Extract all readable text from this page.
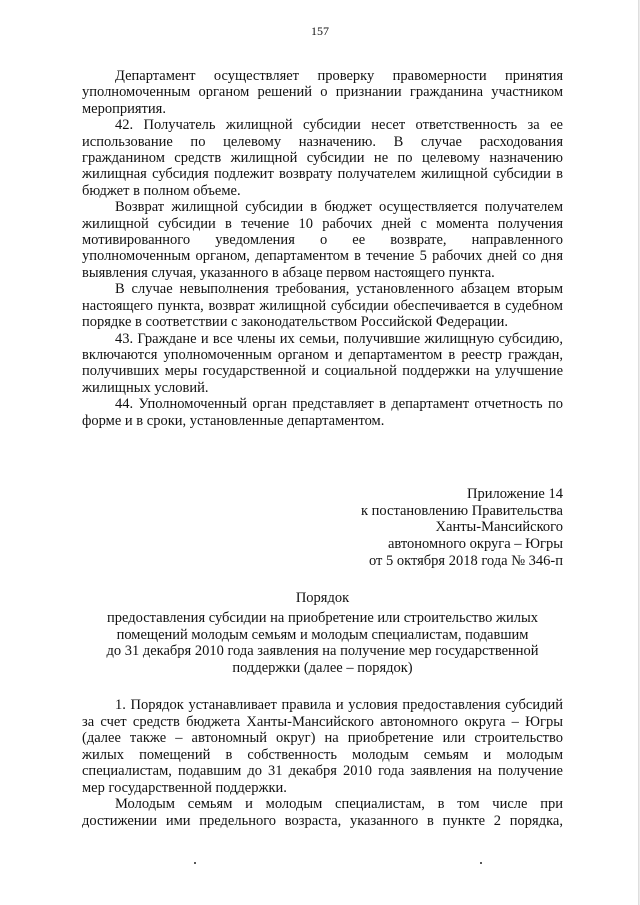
157

Департамент осуществляет проверку правомерности принятия уполномоченным органом решений о признании гражданина участником мероприятия.

42. Получатель жилищной субсидии несет ответственность за ее использование по целевому назначению. В случае расходования гражданином средств жилищной субсидии не по целевому назначению жилищная субсидия подлежит возврату получателем жилищной субсидии в бюджет в полном объеме.

Возврат жилищной субсидии в бюджет осуществляется получателем жилищной субсидии в течение 10 рабочих дней с момента получения мотивированного уведомления о ее возврате, направленного уполномоченным органом, департаментом в течение 5 рабочих дней со дня выявления случая, указанного в абзаце первом настоящего пункта.

В случае невыполнения требования, установленного абзацем вторым настоящего пункта, возврат жилищной субсидии обеспечивается в судебном порядке в соответствии с законодательством Российской Федерации.

43. Граждане и все члены их семьи, получившие жилищную субсидию, включаются уполномоченным органом и департаментом в реестр граждан, получивших меры государственной и социальной поддержки на улучшение жилищных условий.

44. Уполномоченный орган представляет в департамент отчетность по форме и в сроки, установленные департаментом.

Приложение 14
к постановлению Правительства
Ханты-Мансийского
автономного округа – Югры
от 5 октября 2018 года № 346-п
Порядок
предоставления субсидии на приобретение или строительство жилых
помещений молодым семьям и молодым специалистам, подавшим
до 31 декабря 2010 года заявления на получение мер государственной
поддержки (далее – порядок)

1. Порядок устанавливает правила и условия предоставления субсидий за счет средств бюджета Ханты-Мансийского автономного округа – Югры (далее также – автономный округ) на приобретение или строительство жилых помещений в собственность молодым семьям и молодым специалистам, подавшим до 31 декабря 2010 года заявления на получение мер государственной поддержки.

Молодым семьям и молодым специалистам, в том числе при достижении ими предельного возраста, указанного в пункте 2 порядка,
